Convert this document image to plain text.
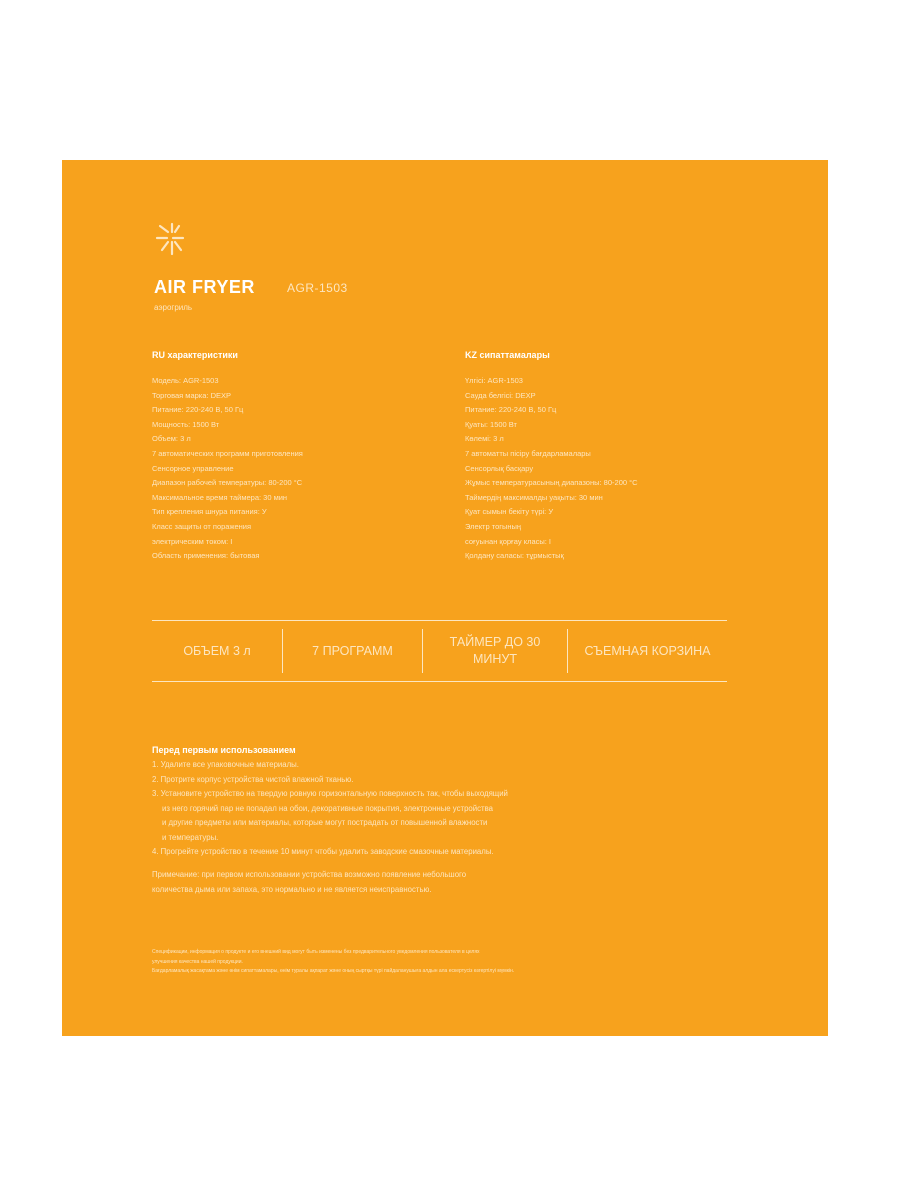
AIR FRYER	AGR-1503
аэрогриль
RU характеристики
Модель: AGR-1503
Торговая марка: DEXP
Питание: 220-240 В, 50 Гц
Мощность: 1500 Вт
Объем: 3 л
7 автоматических программ приготовления
Сенсорное управление
Диапазон рабочей температуры: 80-200 °С
Максимальное время таймера: 30 мин
Тип крепления шнура питания: У
Класс защиты от поражения
электрическим током: I
Область применения: бытовая
KZ сипаттамалары
Үлгісі: AGR-1503
Сауда белгісі: DEXP
Питание: 220-240 В, 50 Гц
Қуаты: 1500 Вт
Көлемі: 3 л
7 автоматты пісіру бағдарламалары
Сенсорлық басқару
Жұмыс температурасының диапазоны: 80-200 °С
Таймердің максималды уақыты: 30 мин
Қуат сымын бекіту түрі: У
Электр тогының
соғуынан қорғау класы: I
Қолдану саласы: тұрмыстық
ОБЪЕМ 3 л	7 ПРОГРАММ
ТАЙМЕР ДО 30 МИНУТ
СЪЕМНАЯ КОРЗИНА
Перед первым использованием
1. Удалите все упаковочные материалы.
2. Протрите корпус устройства чистой влажной тканью.
3. Установите устройство на твердую ровную горизонтальную поверхность так, чтобы выходящий
из него горячий пар не попадал на обои, декоративные покрытия, электронные устройства
и другие предметы или материалы, которые могут пострадать от повышенной влажности
и температуры.
4. Прогрейте устройство в течение 10 минут чтобы удалить заводские смазочные материалы.
Примечание: при первом использовании устройства возможно появление небольшого
количества дыма или запаха, это нормально и не является неисправностью.
Спецификации, информация о продукте и его внешний вид могут быть изменены без предварительного уведомления пользователя в целях
улучшения качества нашей продукции.
Бағдарламалық жасақтама және өнім сипаттамалары, өнім туралы ақпарат және оның сыртқы түрі пайдаланушыға алдын ала ескертусіз өзгертілуі мүмкін.
